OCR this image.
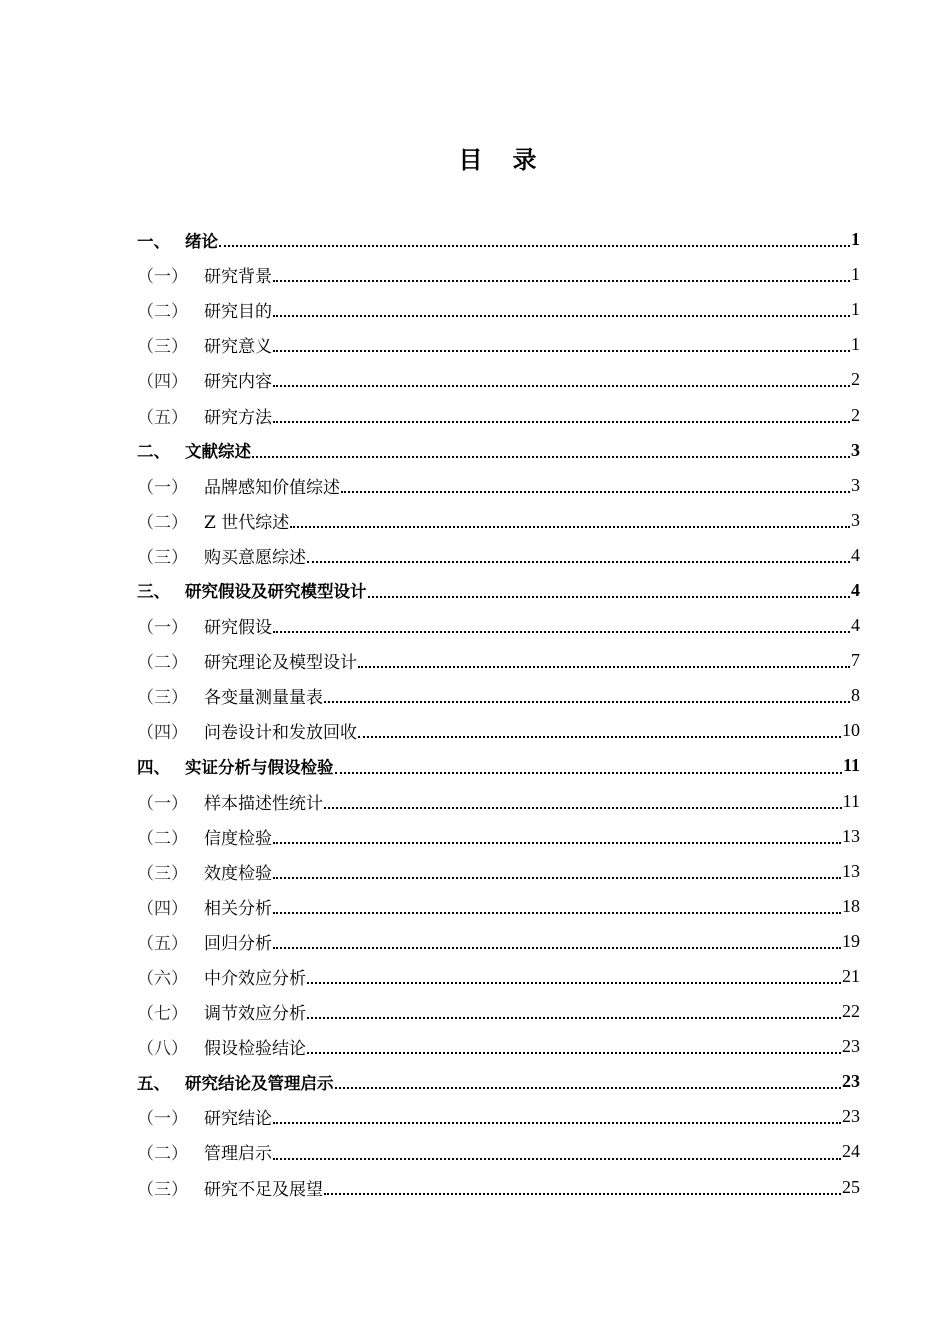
目 录
一、 绪论	1
（一） 研究背景	1
（二） 研究目的	1
（三） 研究意义	1
（四） 研究内容	2
（五） 研究方法	2
二、 文献综述	3
（一） 品牌感知价值综述	3
（二） Z 世代综述	3
（三） 购买意愿综述	4
三、 研究假设及研究模型设计	4
（一） 研究假设	4
（二） 研究理论及模型设计	7
（三） 各变量测量量表	8
（四） 问卷设计和发放回收	10
四、 实证分析与假设检验	11
（一） 样本描述性统计	11
（二） 信度检验	13
（三） 效度检验	13
（四） 相关分析	18
（五） 回归分析	19
（六） 中介效应分析	21
（七） 调节效应分析	22
（八） 假设检验结论	23
五、 研究结论及管理启示	23
（一） 研究结论	23
（二） 管理启示	24
（三） 研究不足及展望	25
